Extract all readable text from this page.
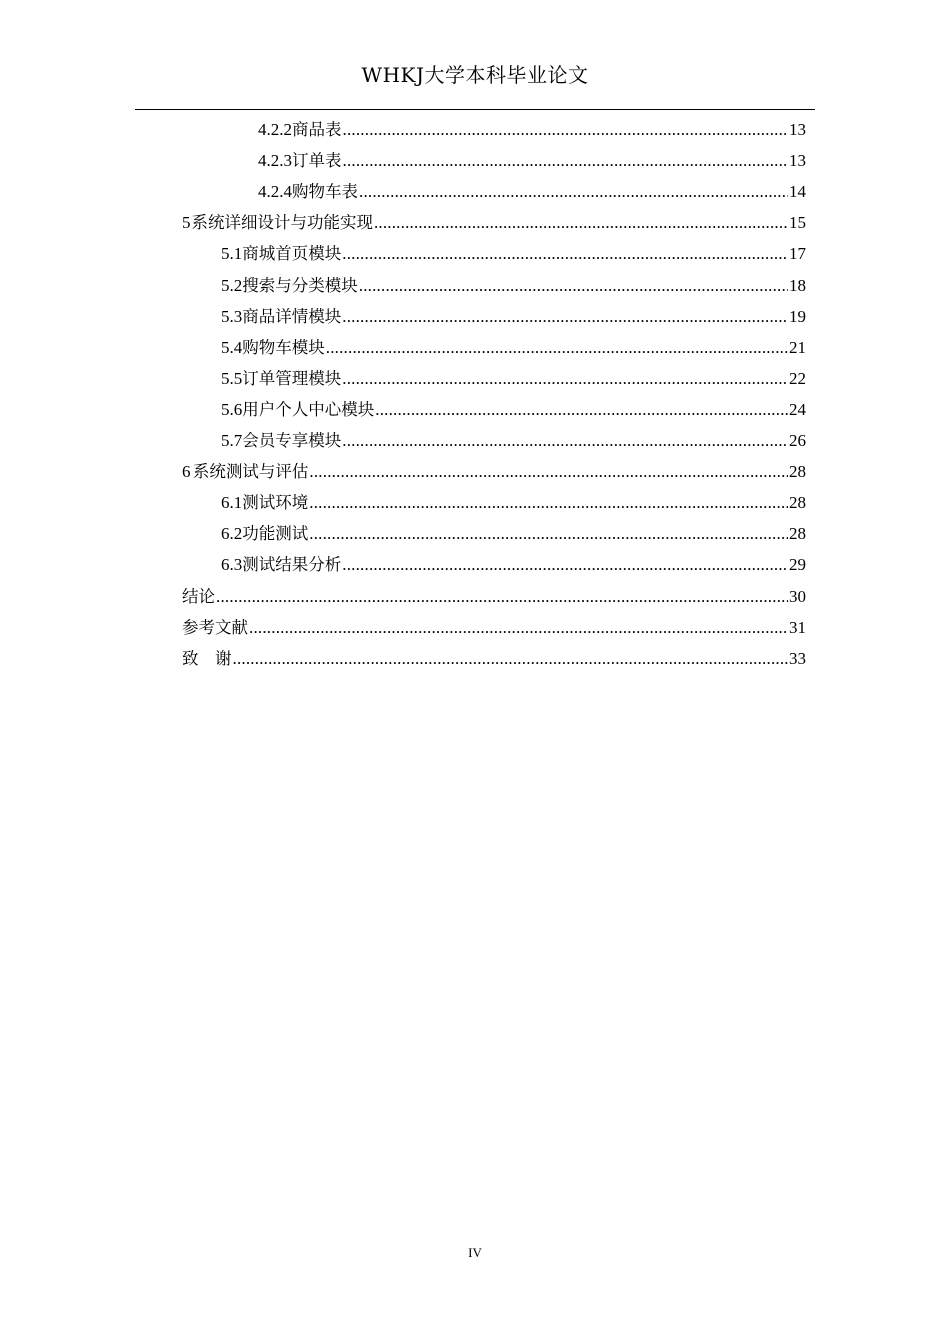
WHKJ大学本科毕业论文
4.2.2 商品表 .....	13
4.2.3 订单表 .....	13
4.2.4 购物车表 .....	14
5 系统详细设计与功能实现 .....	15
5.1 商城首页模块 .....	17
5.2 搜索与分类模块 .....	18
5.3 商品详情模块 .....	19
5.4 购物车模块 .....	21
5.5 订单管理模块 .....	22
5.6 用户个人中心模块 .....	24
5.7 会员专享模块 .....	26
6 系统测试与评估 .....	28
6.1 测试环境 .....	28
6.2 功能测试 .....	28
6.3 测试结果分析 .....	29
结论 .....	30
参考文献 .....	31
致　谢 .....	33
IV
